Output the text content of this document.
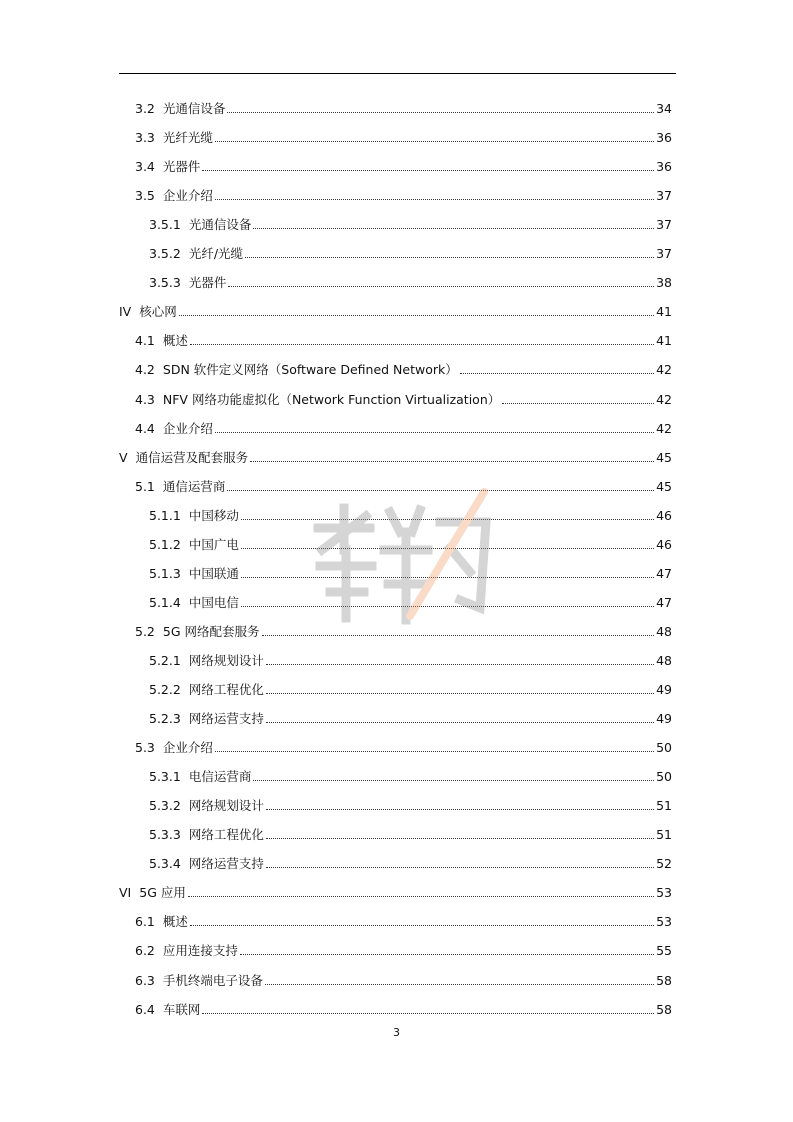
3.2 光通信设备	34
3.3 光纤光缆	36
3.4 光器件	36
3.5 企业介绍	37
3.5.1 光通信设备	37
3.5.2 光纤/光缆	37
3.5.3 光器件	38
IV 核心网	41
4.1 概述	41
4.2 SDN 软件定义网络（Software Defined Network）	42
4.3 NFV 网络功能虚拟化（Network Function Virtualization）	42
4.4 企业介绍	42
V 通信运营及配套服务	45
5.1 通信运营商	45
5.1.1 中国移动	46
5.1.2 中国广电	46
5.1.3 中国联通	47
5.1.4 中国电信	47
5.2 5G 网络配套服务	48
5.2.1 网络规划设计	48
5.2.2 网络工程优化	49
5.2.3 网络运营支持	49
5.3 企业介绍	50
5.3.1 电信运营商	50
5.3.2 网络规划设计	51
5.3.3 网络工程优化	51
5.3.4 网络运营支持	52
VI 5G 应用	53
6.1 概述	53
6.2 应用连接支持	55
6.3 手机终端电子设备	58
6.4 车联网	58
3
